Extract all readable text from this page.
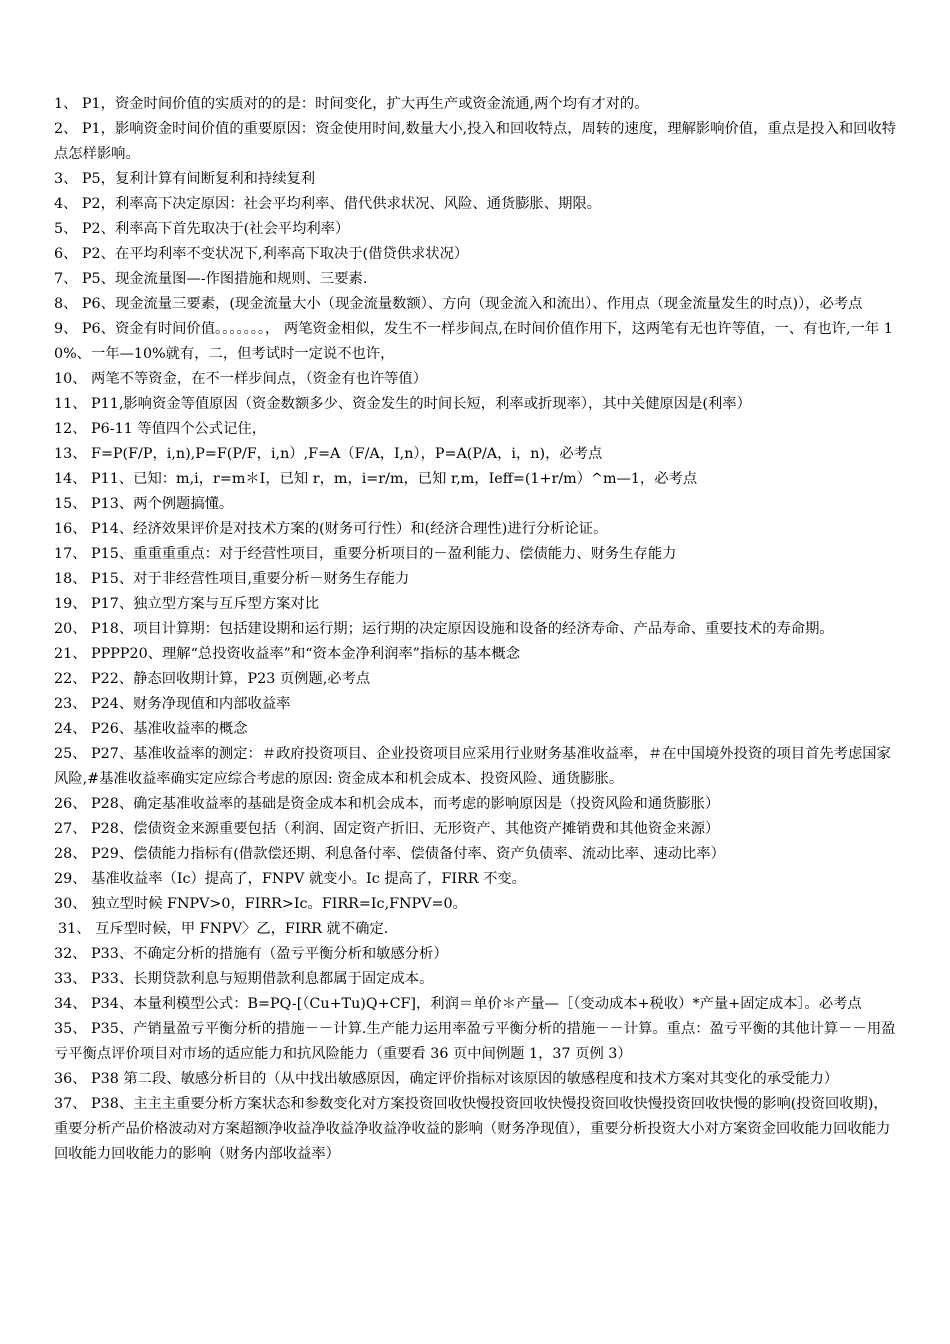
1、 P1，资金时间价值的实质对的的是：时间变化，扩大再生产或资金流通,两个均有才对的。

2、 P1，影响资金时间价值的重要原因：资金使用时间,数量大小,投入和回收特点，周转的速度，理解影响价值，重点是投入和回收特点怎样影响。

3、 P5，复利计算有间断复利和持续复利

4、 P2，利率高下决定原因：社会平均利率、借代供求状况、风险、通货膨胀、期限。

5、 P2、利率高下首先取决于(社会平均利率）

6、 P2、在平均利率不变状况下,利率高下取决于(借贷供求状况）

7、 P5、现金流量图—-作图措施和规则、三要素.

8、 P6、现金流量三要素，(现金流量大小（现金流量数额）、方向（现金流入和流出）、作用点（现金流量发生的时点)），必考点

9、 P6、资金有时间价值。。。。。。。， 两笔资金相似，发生不一样步间点,在时间价值作用下，这两笔有无也许等值，一、有也许,一年 10%、一年—10%就有，二，但考试时一定说不也许，

10、 两笔不等资金，在不一样步间点，（资金有也许等值）

11、 P11,影响资金等值原因（资金数额多少、资金发生的时间长短，利率或折现率），其中关健原因是(利率）

12、 P6-11 等值四个公式记住，

13、 F=P(F/P，i,n),P=F(P/F，i,n）,F=A（F/A，I,n），P=A(P/A，i，n)，必考点

14、 P11、已知：m,i，r=m＊I，已知 r，m，i=r/m，已知 r,m，Ieff=(1+r/m）^m—1，必考点

15、 P13、两个例题搞懂。

16、 P14、经济效果评价是对技术方案的(财务可行性）和(经济合理性)进行分析论证。

17、 P15、重重重重点：对于经营性项目，重要分析项目的－盈利能力、偿债能力、财务生存能力

18、 P15、对于非经营性项目,重要分析－财务生存能力

19、 P17、独立型方案与互斥型方案对比

20、 P18、项目计算期：包括建设期和运行期；运行期的决定原因设施和设备的经济寿命、产品寿命、重要技术的寿命期。

21、 PPPP20、理解“总投资收益率”和“资本金净利润率”指标的基本概念

22、 P22、静态回收期计算，P23 页例题,必考点

23、 P24、财务净现值和内部收益率

24、 P26、基准收益率的概念

25、 P27、基准收益率的测定：＃政府投资项目、企业投资项目应采用行业财务基准收益率，＃在中国境外投资的项目首先考虑国家风险,#基准收益率确实定应综合考虑的原因: 资金成本和机会成本、投资风险、通货膨胀。

26、 P28、确定基准收益率的基础是资金成本和机会成本，而考虑的影响原因是（投资风险和通货膨胀）

27、 P28、偿债资金来源重要包括（利润、固定资产折旧、无形资产、其他资产摊销费和其他资金来源）

28、 P29、偿债能力指标有(借款偿还期、利息备付率、偿债备付率、资产负债率、流动比率、速动比率）

29、 基准收益率（Ic）提高了，FNPV 就变小。Ic 提高了，FIRR 不变。

30、 独立型时候 FNPV>0，FIRR>Ic。FIRR=Ic,FNPV=0。

31、 互斥型时候，甲 FNPV〉乙，FIRR 就不确定.

32、 P33、不确定分析的措施有（盈亏平衡分析和敏感分析）

33、 P33、长期贷款利息与短期借款利息都属于固定成本。

34、 P34、本量利模型公式：B=PQ-[（Cu+Tu)Q+CF]，利润＝单价＊产量—［（变动成本+税收）*产量+固定成本］。必考点

35、 P35、产销量盈亏平衡分析的措施－－计算.生产能力运用率盈亏平衡分析的措施－－计算。重点：盈亏平衡的其他计算－－用盈亏平衡点评价项目对市场的适应能力和抗风险能力（重要看 36 页中间例题 1，37 页例 3）

36、 P38 第二段、敏感分析目的（从中找出敏感原因，确定评价指标对该原因的敏感程度和技术方案对其变化的承受能力）

37、 P38、主主主重要分析方案状态和参数变化对方案投资回收快慢投资回收快慢投资回收快慢投资回收快慢的影响(投资回收期)，重要分析产品价格波动对方案超额净收益净收益净收益净收益的影响（财务净现值），重要分析投资大小对方案资金回收能力回收能力回收能力回收能力的影响（财务内部收益率）
